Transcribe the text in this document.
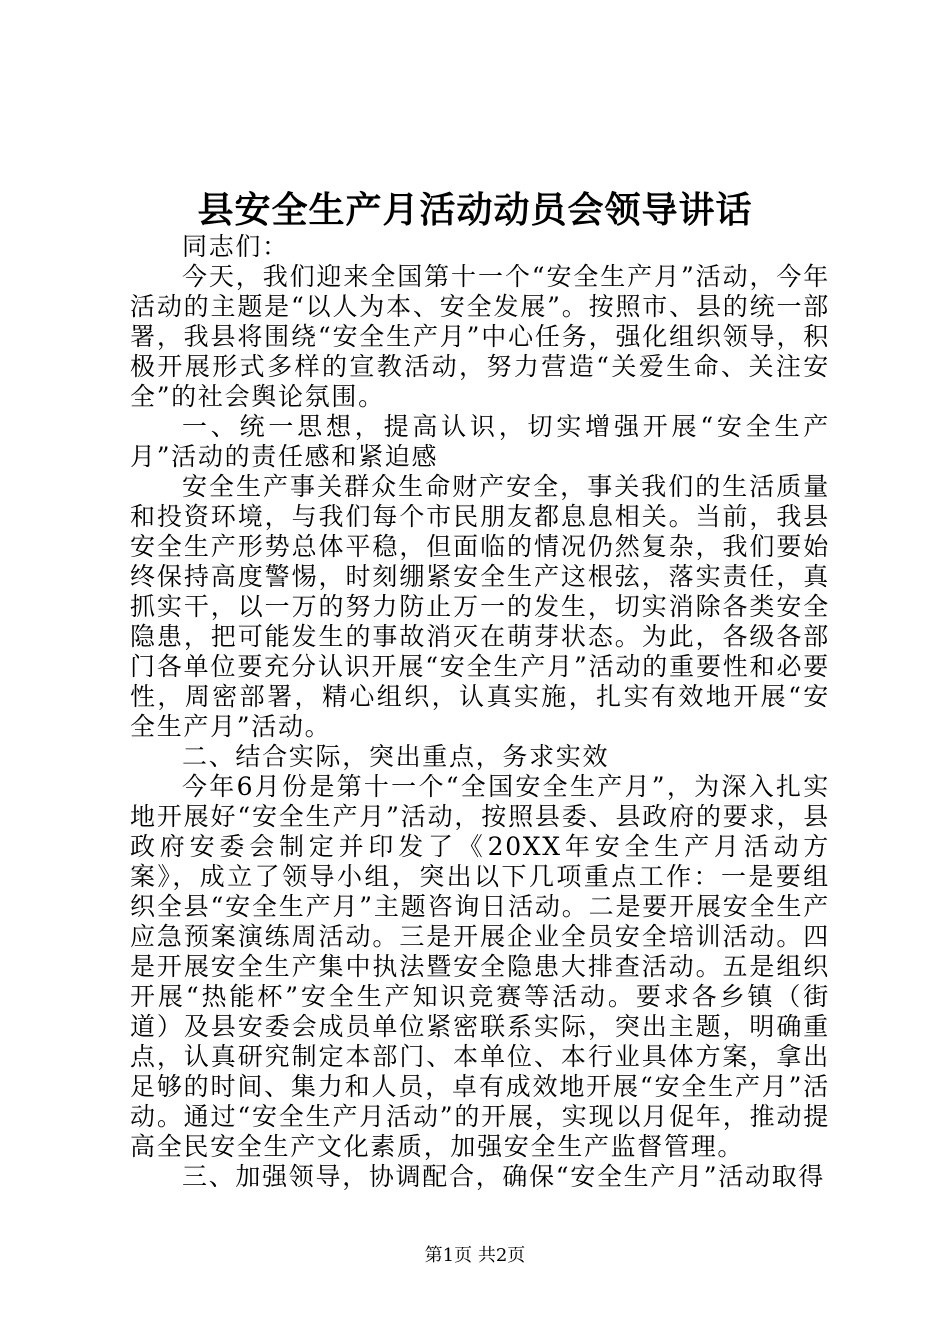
县安全生产月活动动员会领导讲话

同志们：

今天，我们迎来全国第十一个“安全生产月”活动，今年活动的主题是“以人为本、安全发展”。按照市、县的统一部署，我县将围绕“安全生产月”中心任务，强化组织领导，积极开展形式多样的宣教活动，努力营造“关爱生命、关注安全”的社会舆论氛围。

一、统一思想，提高认识，切实增强开展“安全生产月”活动的责任感和紧迫感

安全生产事关群众生命财产安全，事关我们的生活质量和投资环境，与我们每个市民朋友都息息相关。当前，我县安全生产形势总体平稳，但面临的情况仍然复杂，我们要始终保持高度警惕，时刻绷紧安全生产这根弦，落实责任，真抓实干，以一万的努力防止万一的发生，切实消除各类安全隐患，把可能发生的事故消灭在萌芽状态。为此，各级各部门各单位要充分认识开展“安全生产月”活动的重要性和必要性，周密部署，精心组织，认真实施，扎实有效地开展“安全生产月”活动。

二、结合实际，突出重点，务求实效

今年6月份是第十一个“全国安全生产月”，为深入扎实地开展好“安全生产月”活动，按照县委、县政府的要求，县政府安委会制定并印发了《20XX年安全生产月活动方案》，成立了领导小组，突出以下几项重点工作：一是要组织全县“安全生产月”主题咨询日活动。二是要开展安全生产应急预案演练周活动。三是开展企业全员安全培训活动。四是开展安全生产集中执法暨安全隐患大排查活动。五是组织开展“热能杯”安全生产知识竞赛等活动。要求各乡镇（街道）及县安委会成员单位紧密联系实际，突出主题，明确重点，认真研究制定本部门、本单位、本行业具体方案，拿出足够的时间、集力和人员，卓有成效地开展“安全生产月”活动。通过“安全生产月活动”的开展，实现以月促年，推动提高全民安全生产文化素质，加强安全生产监督管理。

三、加强领导，协调配合，确保“安全生产月”活动取得

第1页 共2页
